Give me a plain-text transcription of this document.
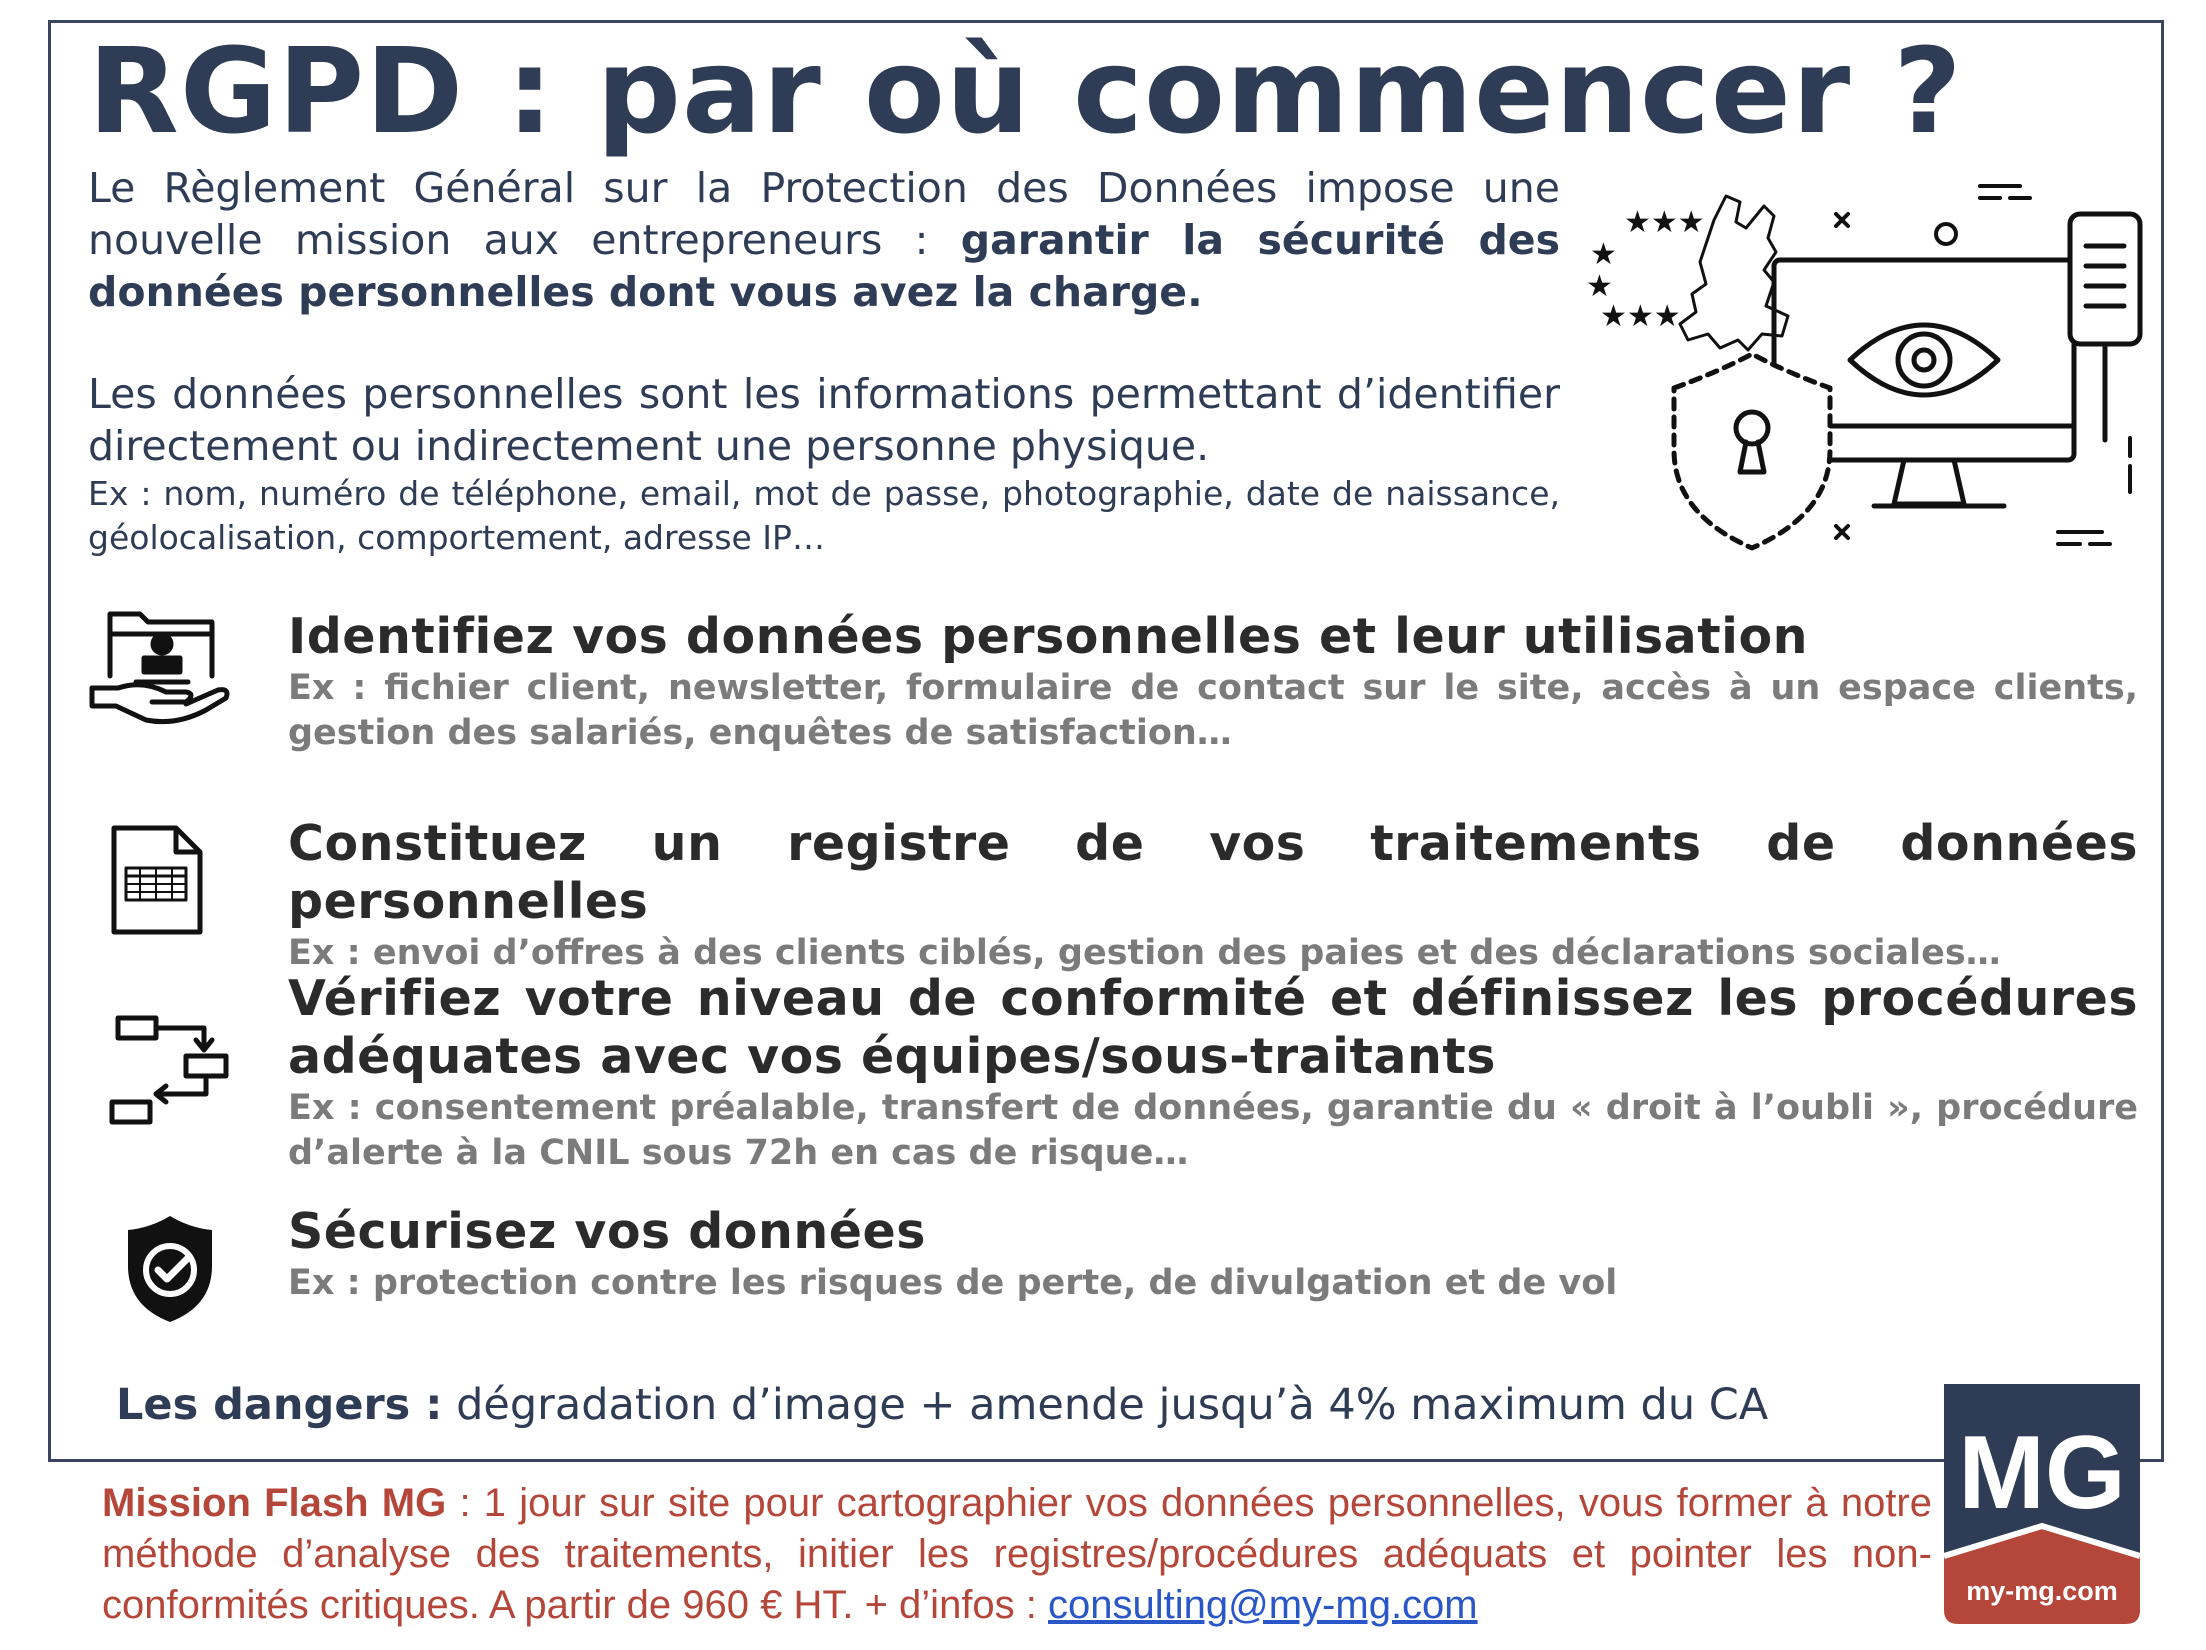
RGPD : par où commencer ?

Le Règlement Général sur la Protection des Données impose une nouvelle mission aux entrepreneurs : garantir la sécurité des données personnelles dont vous avez la charge.

Les données personnelles sont les informations permettant d’identifier directement ou indirectement une personne physique.

Ex : nom, numéro de téléphone, email, mot de passe, photographie, date de naissance, géolocalisation, comportement, adresse IP…

★★★
★
★
★★★
Identifiez vos données personnelles et leur utilisation
Ex : fichier client, newsletter, formulaire de contact sur le site, accès à un espace clients, gestion des salariés, enquêtes de satisfaction…
Constituez un registre de vos traitements de données personnelles
Ex : envoi d’offres à des clients ciblés, gestion des paies et des déclarations sociales…
Vérifiez votre niveau de conformité et définissez les procédures adéquates avec vos équipes/sous-traitants
Ex : consentement préalable, transfert de données, garantie du « droit à l’oubli », procédure d’alerte à la CNIL sous 72h en cas de risque…
Sécurisez vos données
Ex : protection contre les risques de perte, de divulgation et de vol

Les dangers : dégradation d’image + amende jusqu’à 4% maximum du CA

Mission Flash MG : 1 jour sur site pour cartographier vos données personnelles, vous former à notre méthode d’analyse des traitements, initier les registres/procédures adéquats et pointer les non-conformités critiques. A partir de 960 € HT. + d’infos : consulting@my-mg.com

MG
my-mg.com
